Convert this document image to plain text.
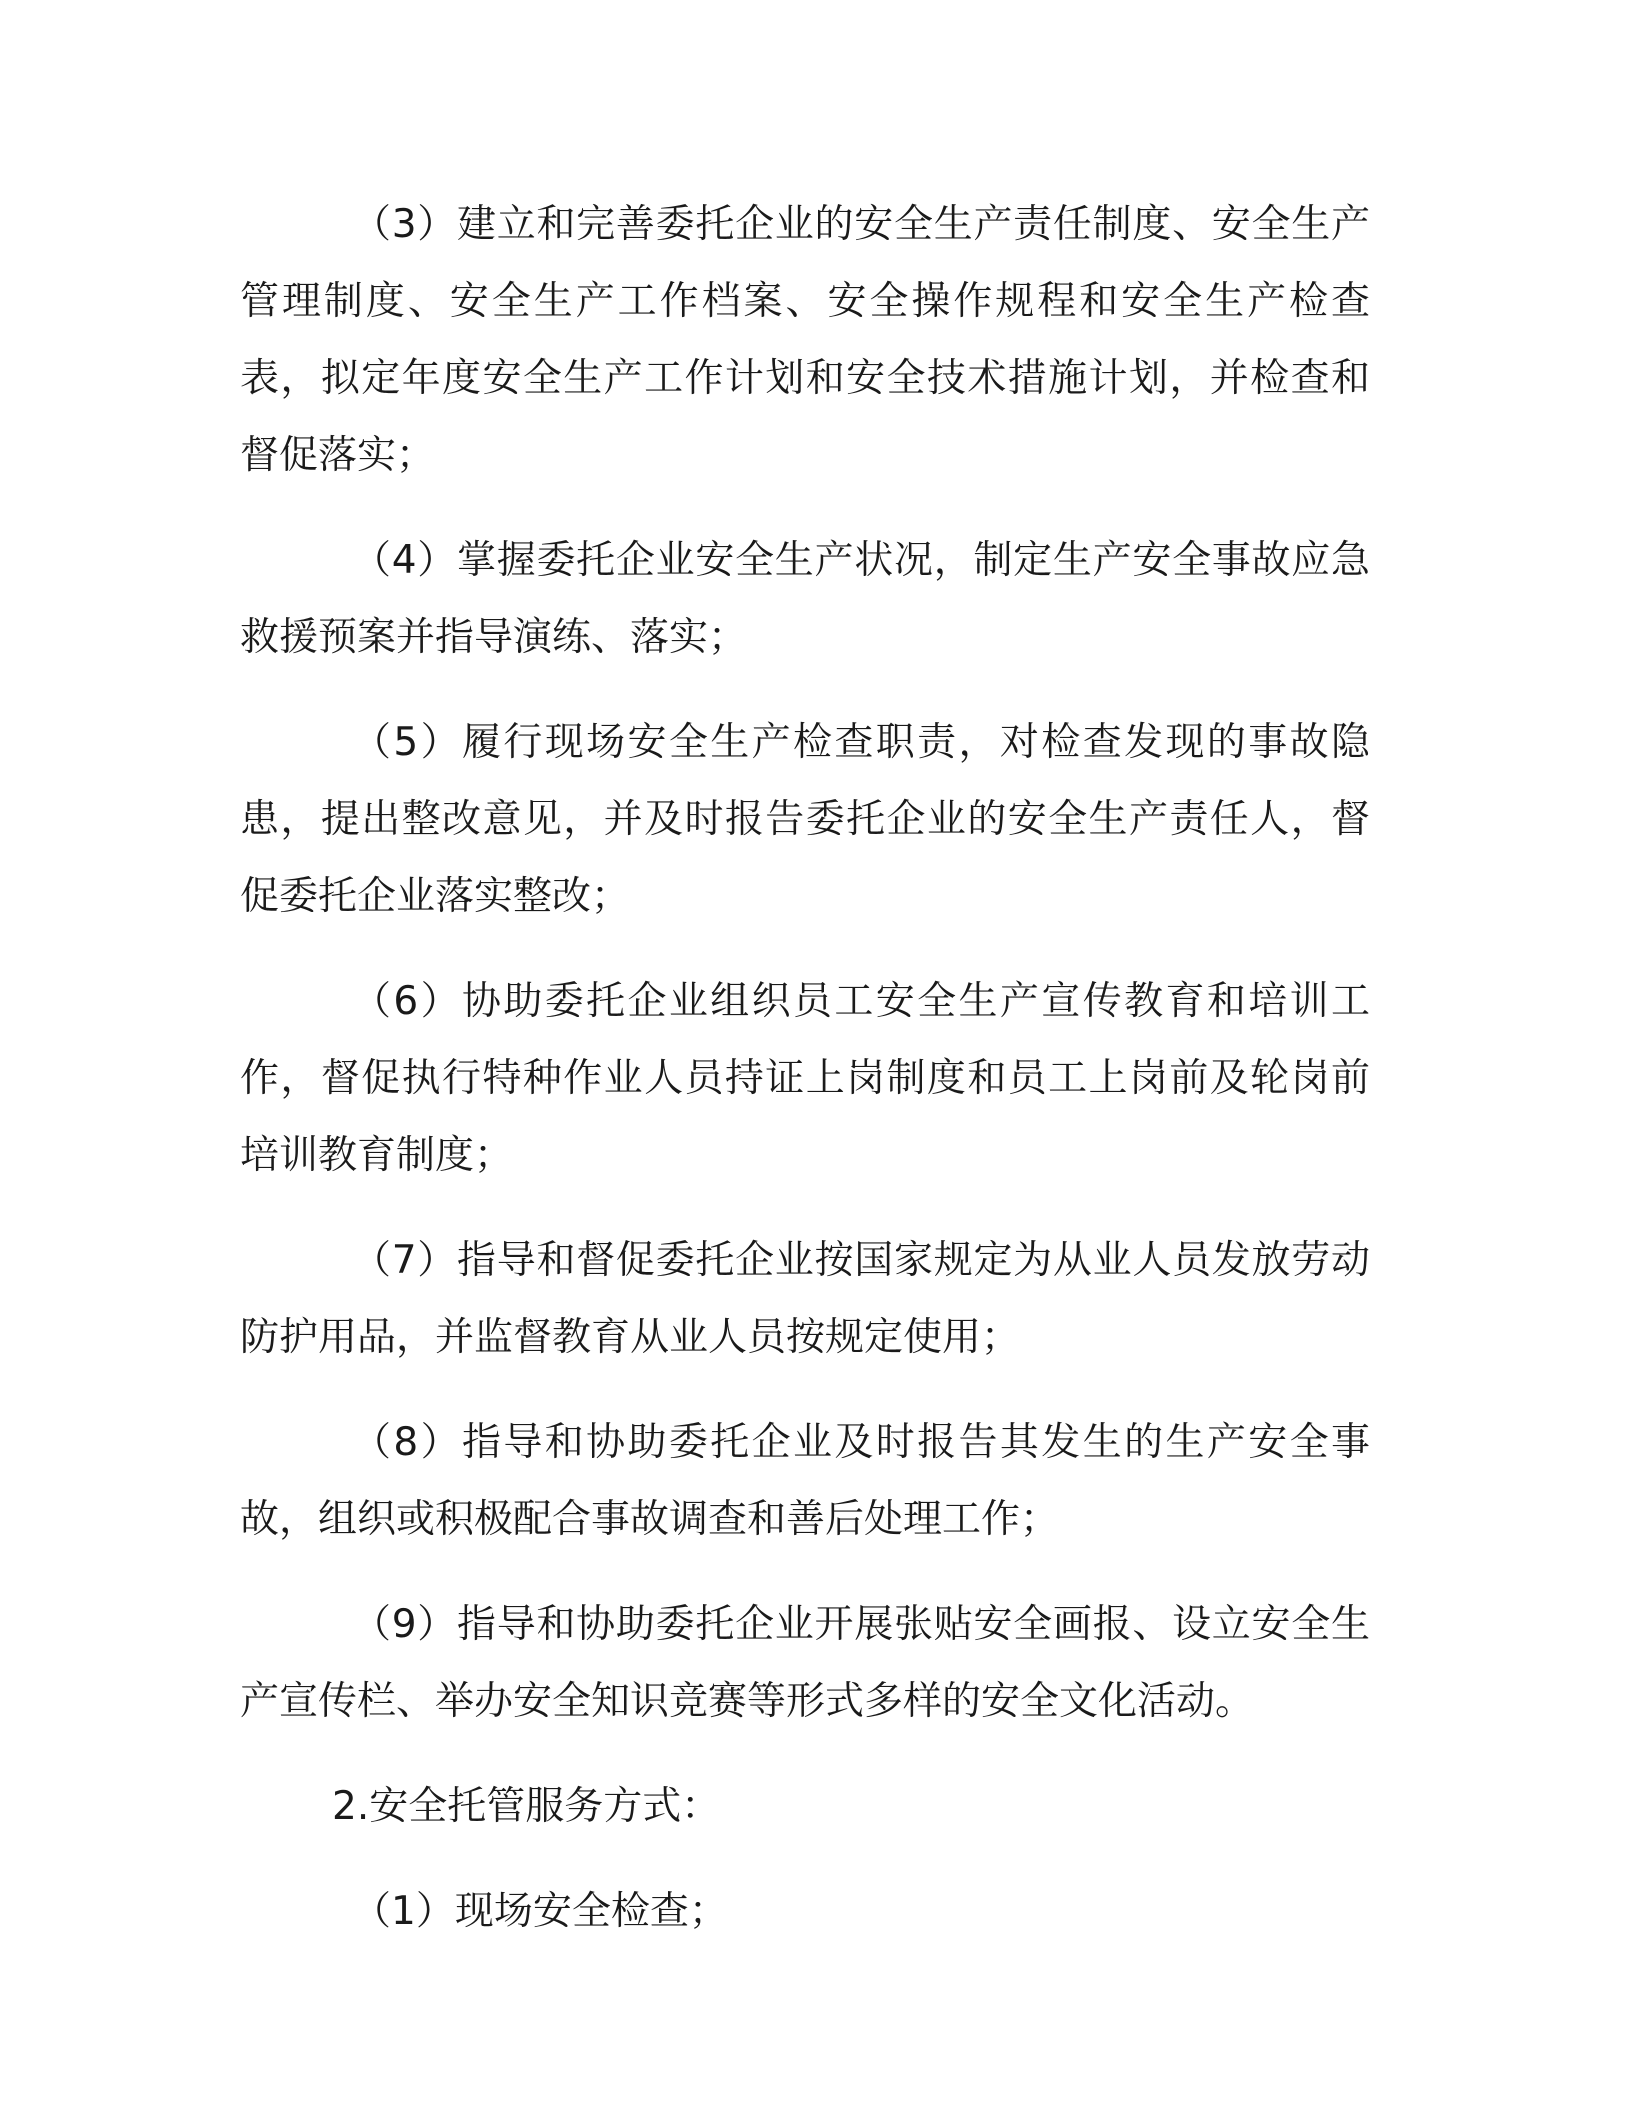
（3）建立和完善委托企业的安全生产责任制度、安全生产管理制度、安全生产工作档案、安全操作规程和安全生产检查表，拟定年度安全生产工作计划和安全技术措施计划，并检查和督促落实；

（4）掌握委托企业安全生产状况，制定生产安全事故应急救援预案并指导演练、落实；

（5）履行现场安全生产检查职责，对检查发现的事故隐患，提出整改意见，并及时报告委托企业的安全生产责任人，督促委托企业落实整改；

（6）协助委托企业组织员工安全生产宣传教育和培训工作，督促执行特种作业人员持证上岗制度和员工上岗前及轮岗前培训教育制度；

（7）指导和督促委托企业按国家规定为从业人员发放劳动防护用品，并监督教育从业人员按规定使用；

（8）指导和协助委托企业及时报告其发生的生产安全事故，组织或积极配合事故调查和善后处理工作；

（9）指导和协助委托企业开展张贴安全画报、设立安全生产宣传栏、举办安全知识竞赛等形式多样的安全文化活动。

2.安全托管服务方式：

（1）现场安全检查；
